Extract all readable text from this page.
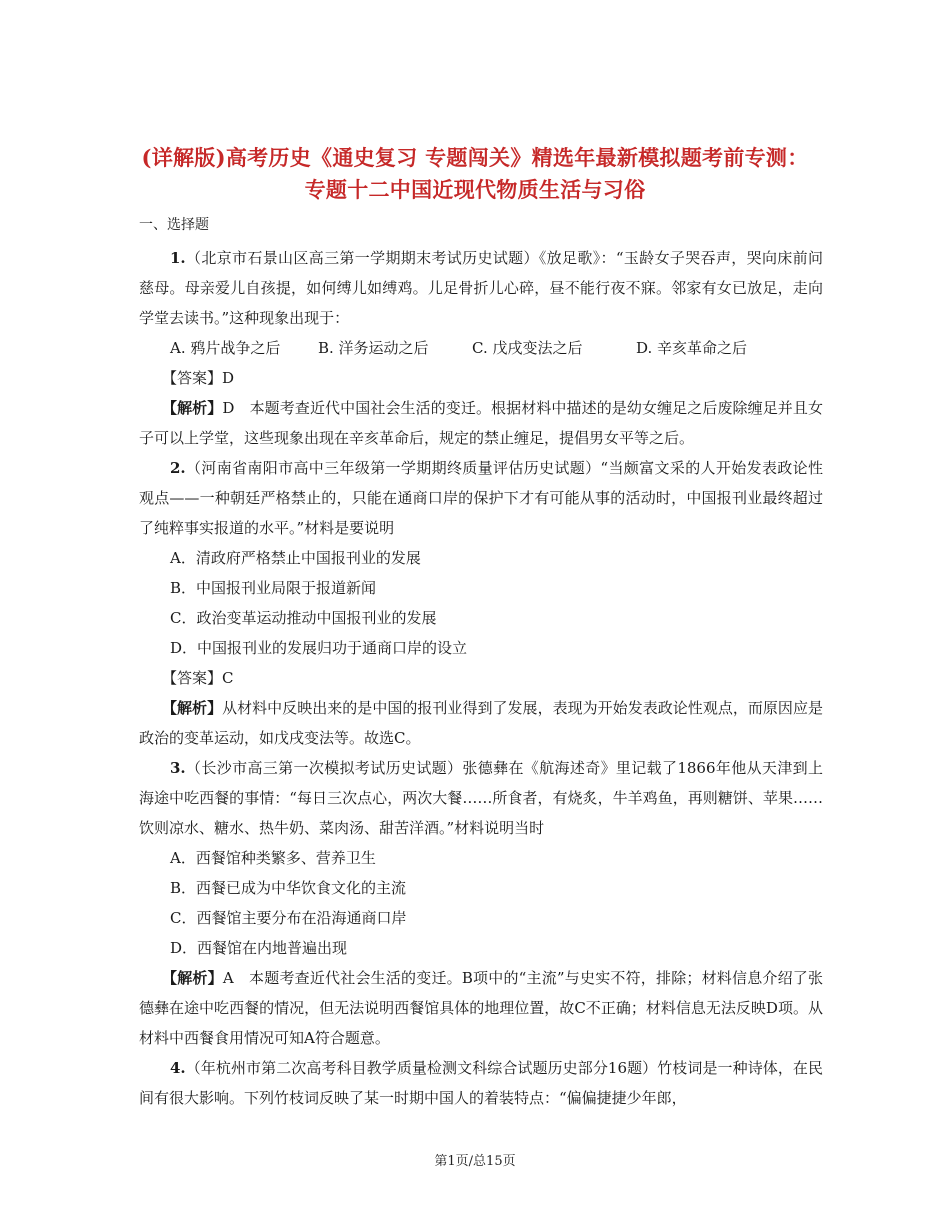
(详解版)高考历史《通史复习 专题闯关》精选年最新模拟题考前专测：
专题十二中国近现代物质生活与习俗
一、选择题
1.（北京市石景山区高三第一学期期末考试历史试题）《放足歌》：“玉龄女子哭吞声，哭向床前问慈母。母亲爱儿自孩提，如何缚儿如缚鸡。儿足骨折儿心碎，昼不能行夜不寐。邻家有女已放足，走向学堂去读书。”这种现象出现于：
A. 鸦片战争之后	B. 洋务运动之后	C. 戊戌变法之后	D. 辛亥革命之后
【答案】D
【解析】D　本题考查近代中国社会生活的变迁。根据材料中描述的是幼女缠足之后废除缠足并且女子可以上学堂，这些现象出现在辛亥革命后，规定的禁止缠足，提倡男女平等之后。
2.（河南省南阳市高中三年级第一学期期终质量评估历史试题）“当颇富文采的人开始发表政论性观点——一种朝廷严格禁止的，只能在通商口岸的保护下才有可能从事的活动时，中国报刊业最终超过了纯粹事实报道的水平。”材料是要说明
A．清政府严格禁止中国报刊业的发展
B．中国报刊业局限于报道新闻
C．政治变革运动推动中国报刊业的发展
D．中国报刊业的发展归功于通商口岸的设立
【答案】C
【解析】从材料中反映出来的是中国的报刊业得到了发展，表现为开始发表政论性观点，而原因应是政治的变革运动，如戊戌变法等。故选C。
3.（长沙市高三第一次模拟考试历史试题）张德彝在《航海述奇》里记载了1866年他从天津到上海途中吃西餐的事情：“每日三次点心，两次大餐……所食者，有烧炙，牛羊鸡鱼，再则糖饼、苹果……饮则凉水、糖水、热牛奶、菜肉汤、甜苦洋酒。”材料说明当时
A．西餐馆种类繁多、营养卫生
B．西餐已成为中华饮食文化的主流
C．西餐馆主要分布在沿海通商口岸
D．西餐馆在内地普遍出现
【解析】A　本题考查近代社会生活的变迁。B项中的“主流”与史实不符，排除；材料信息介绍了张德彝在途中吃西餐的情况，但无法说明西餐馆具体的地理位置，故C不正确；材料信息无法反映D项。从材料中西餐食用情况可知A符合题意。
4.（年杭州市第二次高考科目教学质量检测文科综合试题历史部分16题）竹枝词是一种诗体，在民间有很大影响。下列竹枝词反映了某一时期中国人的着装特点：“偏偏捷捷少年郎，
第1页/总15页
